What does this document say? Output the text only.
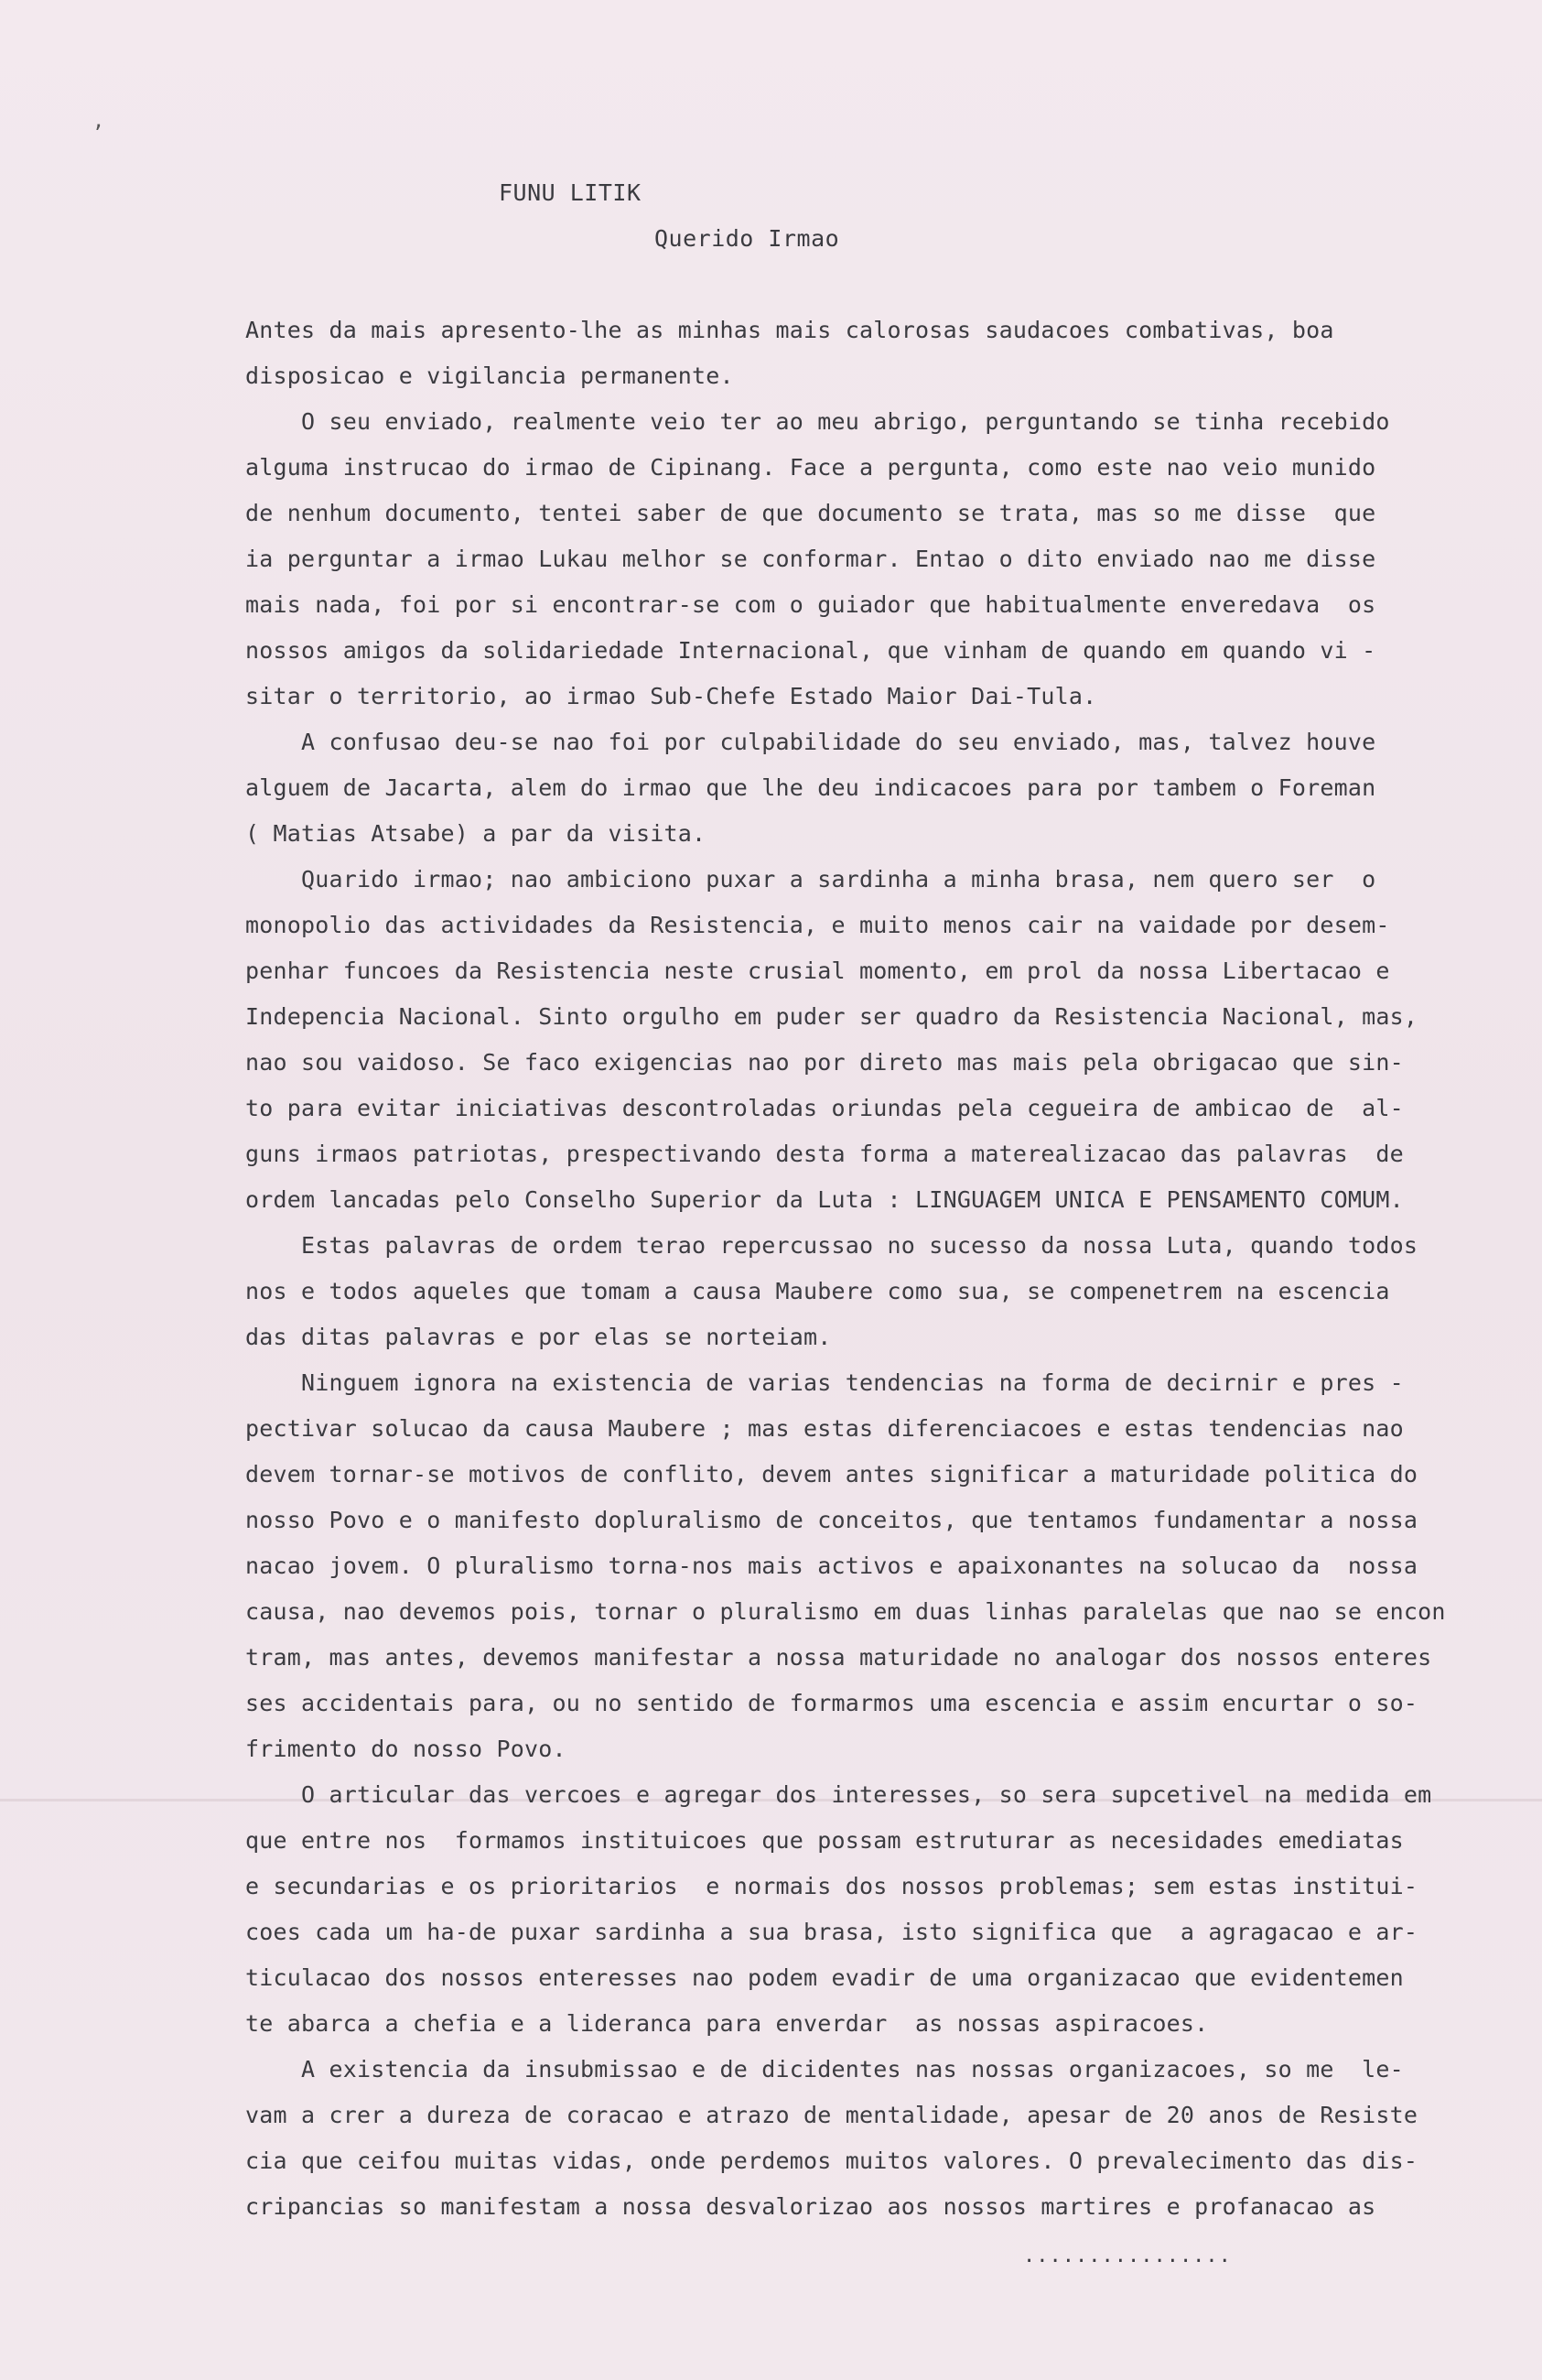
,
FUNU LITIK
Querido Irmao
Antes da mais apresento-lhe as minhas mais calorosas saudacoes combativas, boa
disposicao e vigilancia permanente.
O seu enviado, realmente veio ter ao meu abrigo, perguntando se tinha recebido
alguma instrucao do irmao de Cipinang. Face a pergunta, como este nao veio munido
de nenhum documento, tentei saber de que documento se trata, mas so me disse  que
ia perguntar a irmao Lukau melhor se conformar. Entao o dito enviado nao me disse
mais nada, foi por si encontrar-se com o guiador que habitualmente enveredava  os
nossos amigos da solidariedade Internacional, que vinham de quando em quando vi -
sitar o territorio, ao irmao Sub-Chefe Estado Maior Dai-Tula.
A confusao deu-se nao foi por culpabilidade do seu enviado, mas, talvez houve
alguem de Jacarta, alem do irmao que lhe deu indicacoes para por tambem o Foreman
( Matias Atsabe) a par da visita.
Quarido irmao; nao ambiciono puxar a sardinha a minha brasa, nem quero ser  o
monopolio das actividades da Resistencia, e muito menos cair na vaidade por desem-
penhar funcoes da Resistencia neste crusial momento, em prol da nossa Libertacao e
Indepencia Nacional. Sinto orgulho em puder ser quadro da Resistencia Nacional, mas,
nao sou vaidoso. Se faco exigencias nao por direto mas mais pela obrigacao que sin-
to para evitar iniciativas descontroladas oriundas pela cegueira de ambicao de  al-
guns irmaos patriotas, prespectivando desta forma a materealizacao das palavras  de
ordem lancadas pelo Conselho Superior da Luta : LINGUAGEM UNICA E PENSAMENTO COMUM.
Estas palavras de ordem terao repercussao no sucesso da nossa Luta, quando todos
nos e todos aqueles que tomam a causa Maubere como sua, se compenetrem na escencia
das ditas palavras e por elas se norteiam.
Ninguem ignora na existencia de varias tendencias na forma de decirnir e pres -
pectivar solucao da causa Maubere ; mas estas diferenciacoes e estas tendencias nao
devem tornar-se motivos de conflito, devem antes significar a maturidade politica do
nosso Povo e o manifesto dopluralismo de conceitos, que tentamos fundamentar a nossa
nacao jovem. O pluralismo torna-nos mais activos e apaixonantes na solucao da  nossa
causa, nao devemos pois, tornar o pluralismo em duas linhas paralelas que nao se encon
tram, mas antes, devemos manifestar a nossa maturidade no analogar dos nossos enteres
ses accidentais para, ou no sentido de formarmos uma escencia e assim encurtar o so-
frimento do nosso Povo.
O articular das vercoes e agregar dos interesses, so sera supcetivel na medida em
que entre nos  formamos instituicoes que possam estruturar as necesidades emediatas
e secundarias e os prioritarios  e normais dos nossos problemas; sem estas institui-
coes cada um ha-de puxar sardinha a sua brasa, isto significa que  a agragacao e ar-
ticulacao dos nossos enteresses nao podem evadir de uma organizacao que evidentemen
te abarca a chefia e a lideranca para enverdar  as nossas aspiracoes.
A existencia da insubmissao e de dicidentes nas nossas organizacoes, so me  le-
vam a crer a dureza de coracao e atrazo de mentalidade, apesar de 20 anos de Resiste
cia que ceifou muitas vidas, onde perdemos muitos valores. O prevalecimento das dis-
cripancias so manifestam a nossa desvalorizao aos nossos martires e profanacao as
................
